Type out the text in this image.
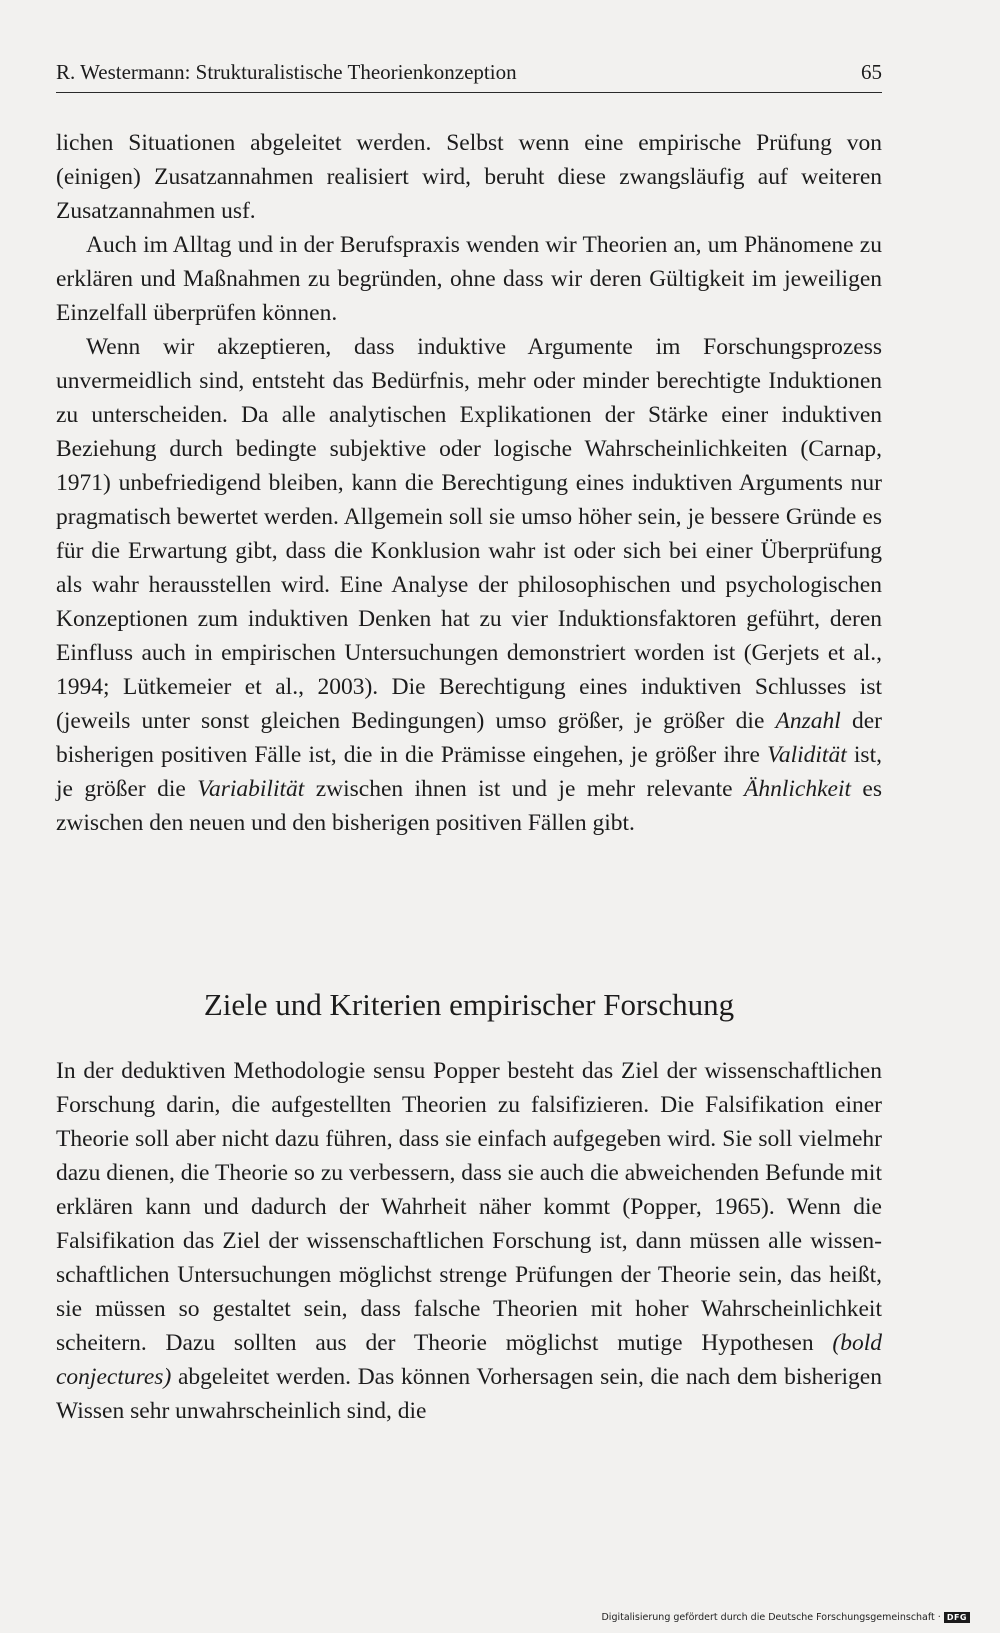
R. Westermann: Strukturalistische Theorienkonzeption	65

lichen Situationen abgeleitet werden. Selbst wenn eine empirische Prüfung von (einigen) Zusatzannahmen realisiert wird, beruht diese zwangsläufig auf weiteren Zusatzannahmen usf.

Auch im Alltag und in der Berufspraxis wenden wir Theorien an, um Phänomene zu erklären und Maßnahmen zu begründen, ohne dass wir deren Gültigkeit im jeweiligen Einzelfall überprüfen können.

Wenn wir akzeptieren, dass induktive Argumente im Forschungsprozess unvermeidlich sind, entsteht das Bedürfnis, mehr oder minder berechtigte Induktionen zu unterscheiden. Da alle analytischen Explikationen der Stärke einer induktiven Beziehung durch bedingte subjektive oder logische Wahrscheinlichkeiten (Carnap, 1971) unbefriedigend bleiben, kann die Berechtigung eines induktiven Arguments nur pragmatisch bewertet werden. Allgemein soll sie umso höher sein, je bessere Gründe es für die Erwartung gibt, dass die Konklusion wahr ist oder sich bei einer Überprüfung als wahr herausstellen wird. Eine Analyse der philosophischen und psychologischen Konzeptionen zum induktiven Denken hat zu vier Induktionsfaktoren geführt, deren Einfluss auch in empirischen Untersuchungen demonstriert worden ist (Gerjets et al., 1994; Lütkemeier et al., 2003). Die Berechtigung eines induktiven Schlusses ist (jeweils unter sonst gleichen Bedingungen) umso größer, je größer die Anzahl der bisherigen positiven Fälle ist, die in die Prämisse eingehen, je größer ihre Validität ist, je größer die Variabilität zwischen ihnen ist und je mehr relevante Ähnlichkeit es zwischen den neuen und den bisherigen positiven Fällen gibt.

Ziele und Kriterien empirischer Forschung

In der deduktiven Methodologie sensu Popper besteht das Ziel der wissenschaftlichen Forschung darin, die aufgestellten Theorien zu falsifizieren. Die Falsifikation einer Theorie soll aber nicht dazu führen, dass sie einfach aufgegeben wird. Sie soll vielmehr dazu dienen, die Theorie so zu verbessern, dass sie auch die abweichenden Befunde mit erklären kann und dadurch der Wahrheit näher kommt (Popper, 1965). Wenn die Falsifikation das Ziel der wissenschaftlichen Forschung ist, dann müssen alle wissenschaftlichen Untersuchungen möglichst strenge Prüfungen der Theorie sein, das heißt, sie müssen so gestaltet sein, dass falsche Theorien mit hoher Wahrscheinlichkeit scheitern. Dazu sollten aus der Theorie möglichst mutige Hypothesen (bold conjectures) abgeleitet werden. Das können Vorhersagen sein, die nach dem bisherigen Wissen sehr unwahrscheinlich sind, die

Digitalisierung gefördert durch die Deutsche Forschungsgemeinschaft · DFG
